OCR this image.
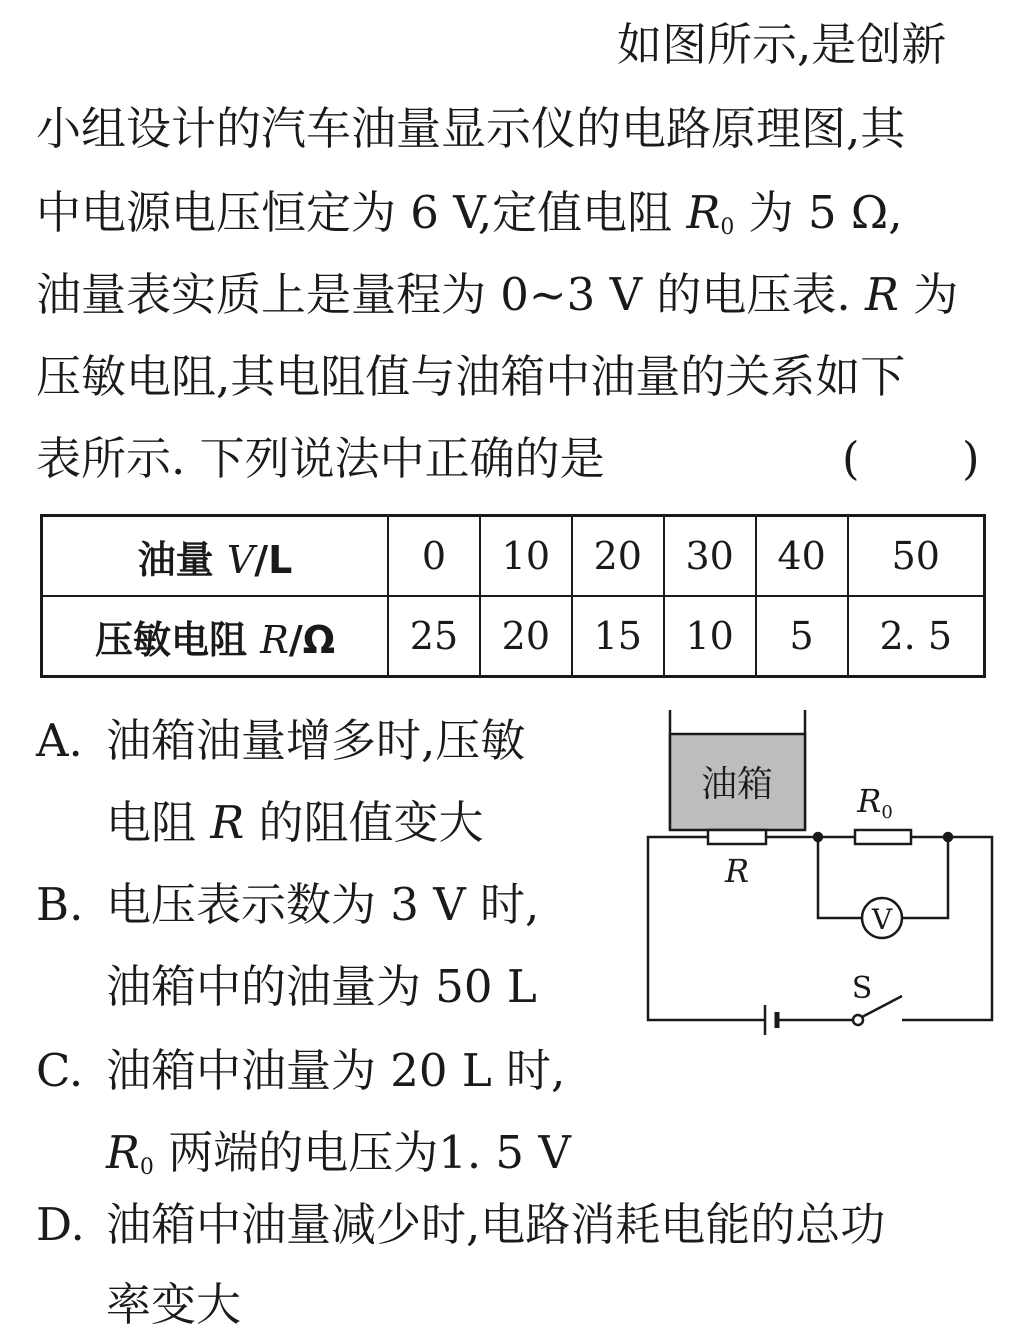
如图所示,是创新
小组设计的汽车油量显示仪的电路原理图,其
中电源电压恒定为 6 V,定值电阻 $R_0$ 为 5 Ω,
油量表实质上是量程为 0~3 V 的电压表. R 为
压敏电阻,其电阻值与油箱中油量的关系如下
表所示. 下列说法中正确的是	( )
油量 V/L	0	10	20	30	40	50
压敏电阻 R/Ω	25	20	15	10	5	2. 5
A. 油箱油量增多时,压敏
电阻 R 的阻值变大
B. 电压表示数为 3 V 时,
油箱中的油量为 50 L
C. 油箱中油量为 20 L 时,
$R_0$ 两端的电压为1. 5 V
D. 油箱中油量减少时,电路消耗电能的总功
率变大
油箱
R
R0
V
S
